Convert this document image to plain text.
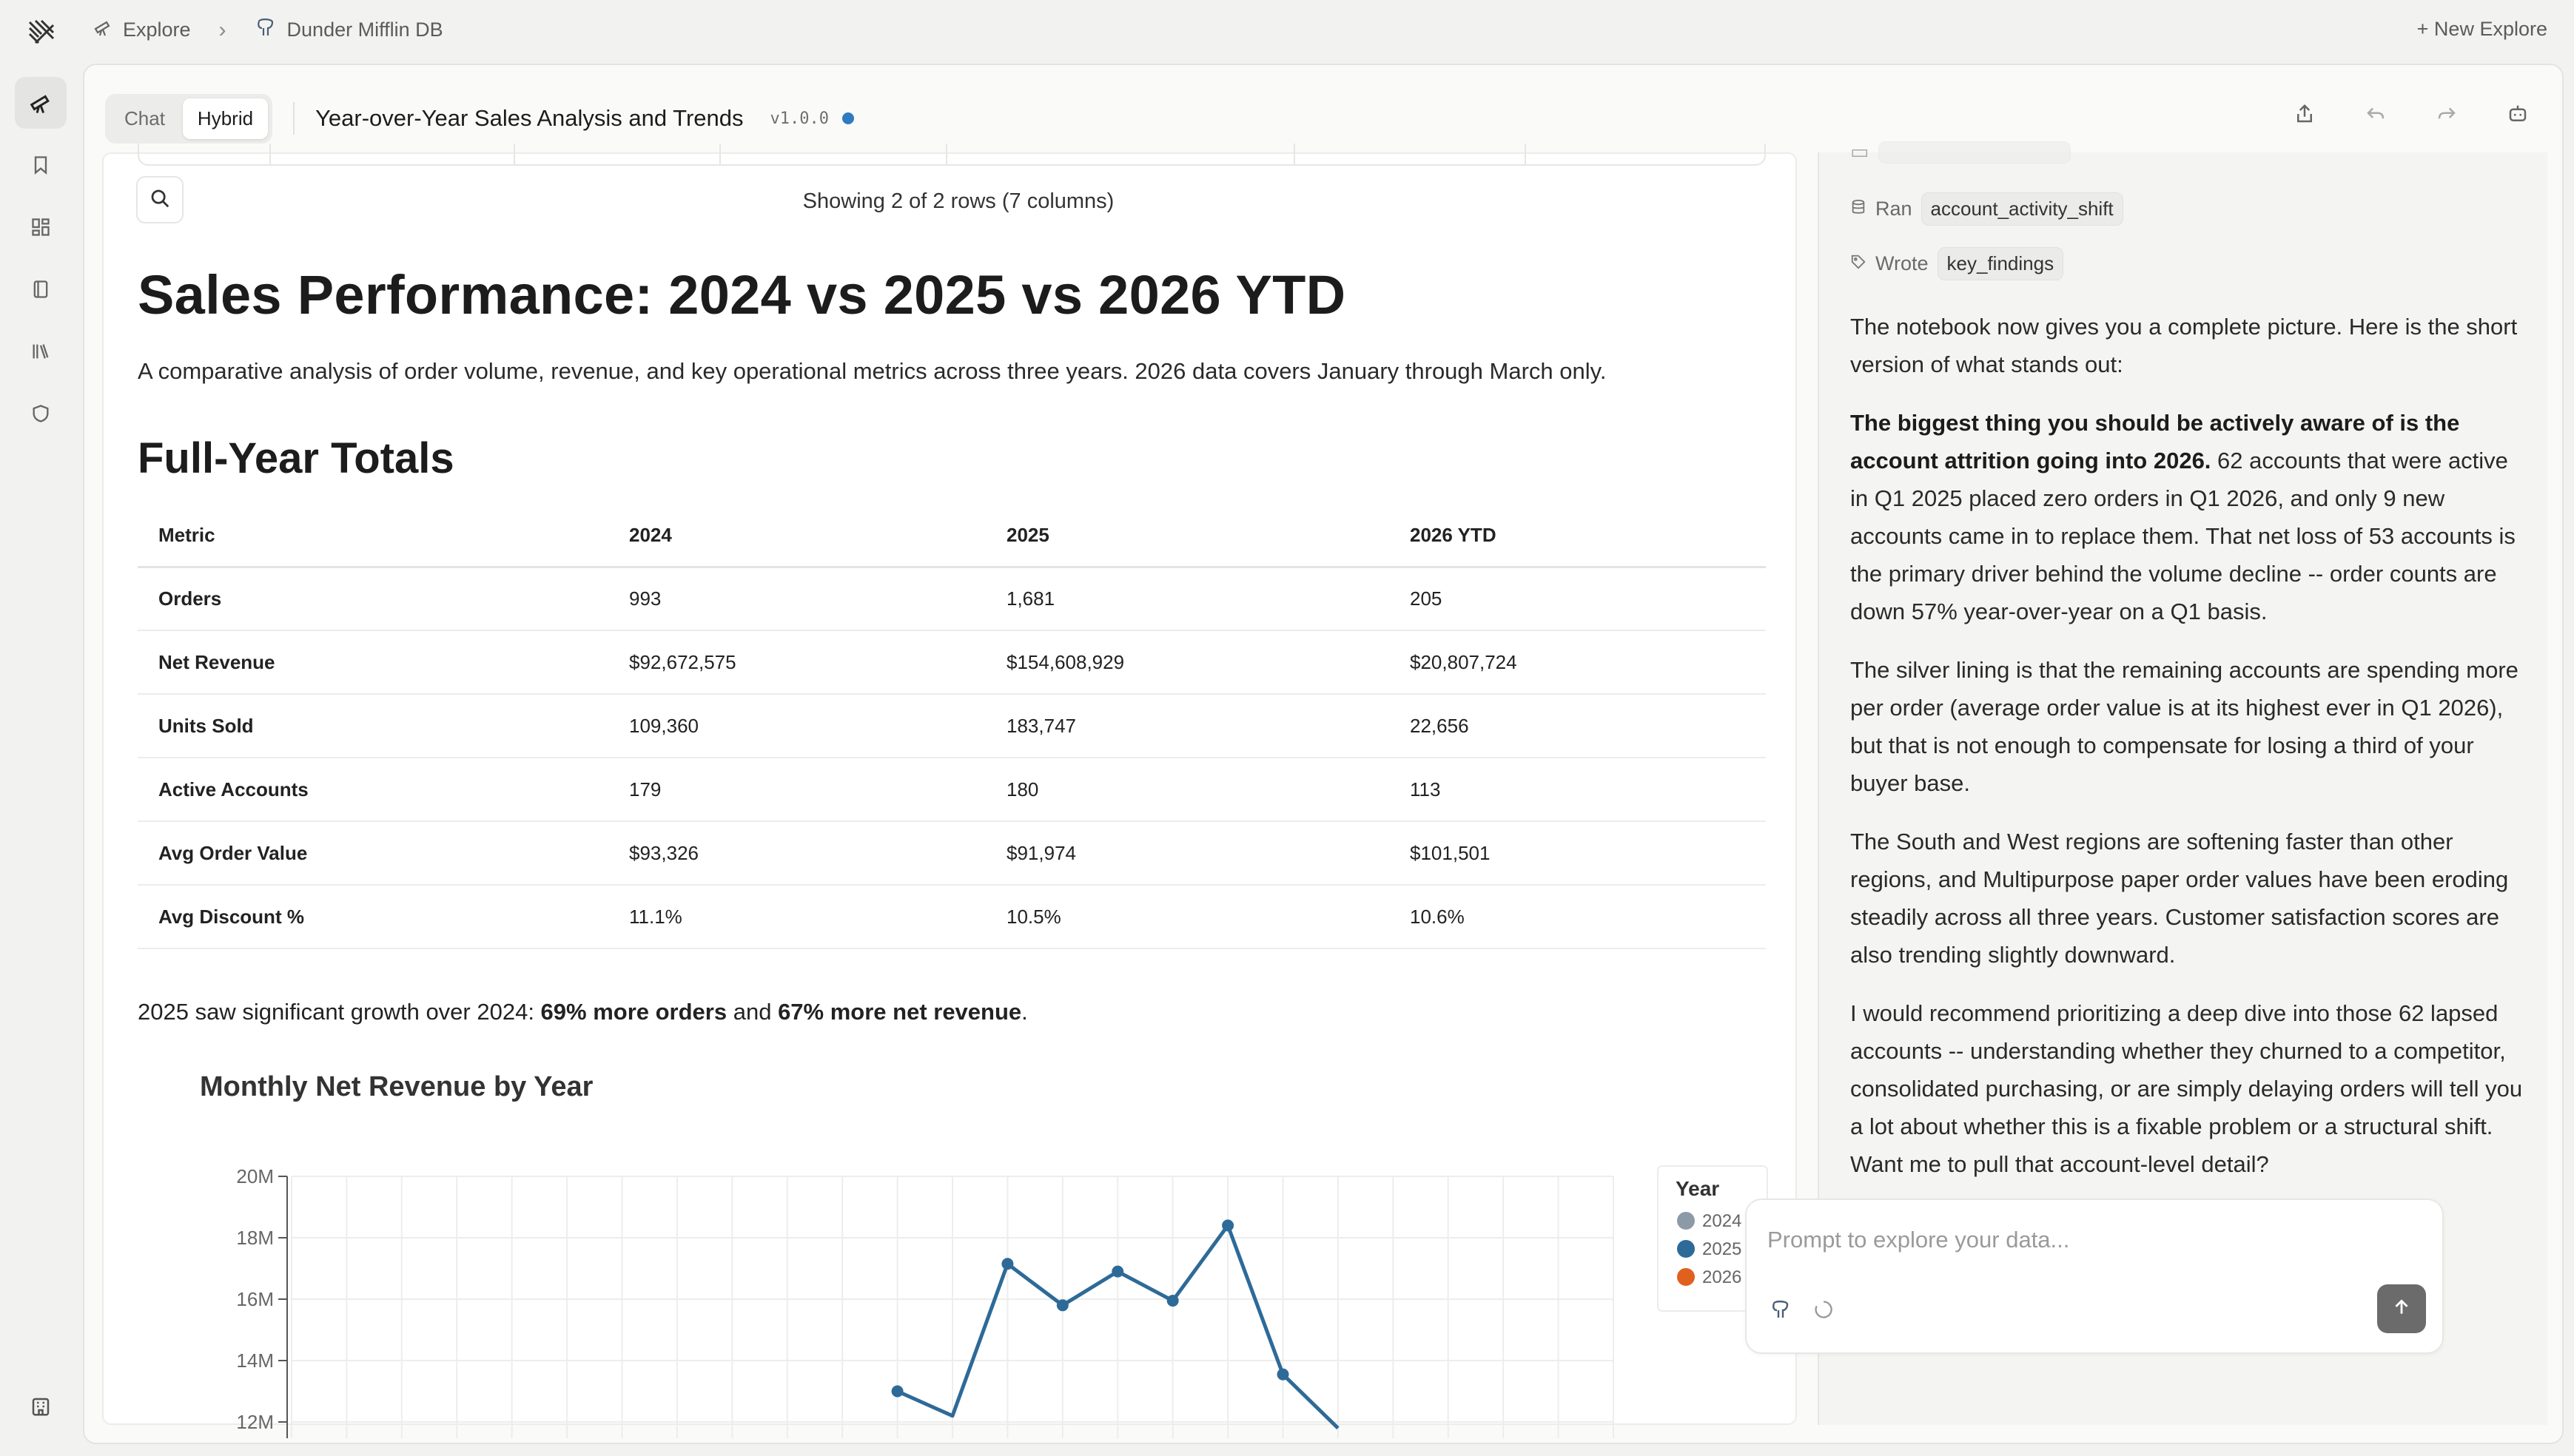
Explore ›	Dunder Mifflin DB	+ New Explore
Chat	Hybrid	Year-over-Year Sales Analysis and Trends v1.0.0
Showing 2 of 2 rows (7 columns)
Sales Performance: 2024 vs 2025 vs 2026 YTD
A comparative analysis of order volume, revenue, and key operational metrics across three years. 2026 data covers January through March only.
Full-Year Totals
Metric	2024	2025	2026 YTD
Orders	993	1,681	205
Net Revenue	$92,672,575	$154,608,929	$20,807,724
Units Sold	109,360	183,747	22,656
Active Accounts	179	180	113
Avg Order Value	$93,326	$91,974	$101,501
Avg Discount %	11.1%	10.5%	10.6%
2025 saw significant growth over 2024: 69% more orders and 67% more net revenue.
Monthly Net Revenue by Year
20M
18M
16M
14M
12M
Year
2024
2025
2026
▭
Ran account_activity_shift
Wrote key_findings

The notebook now gives you a complete picture. Here is the short version of what stands out:

The biggest thing you should be actively aware of is the account attrition going into 2026. 62 accounts that were active in Q1 2025 placed zero orders in Q1 2026, and only 9 new accounts came in to replace them. That net loss of 53 accounts is the primary driver behind the volume decline -- order counts are down 57% year-over-year on a Q1 basis.

The silver lining is that the remaining accounts are spending more per order (average order value is at its highest ever in Q1 2026), but that is not enough to compensate for losing a third of your buyer base.

The South and West regions are softening faster than other regions, and Multipurpose paper order values have been eroding steadily across all three years. Customer satisfaction scores are also trending slightly downward.

I would recommend prioritizing a deep dive into those 62 lapsed accounts -- understanding whether they churned to a competitor, consolidated purchasing, or are simply delaying orders will tell you a lot about whether this is a fixable problem or a structural shift. Want me to pull that account-level detail?

Prompt to explore your data...
